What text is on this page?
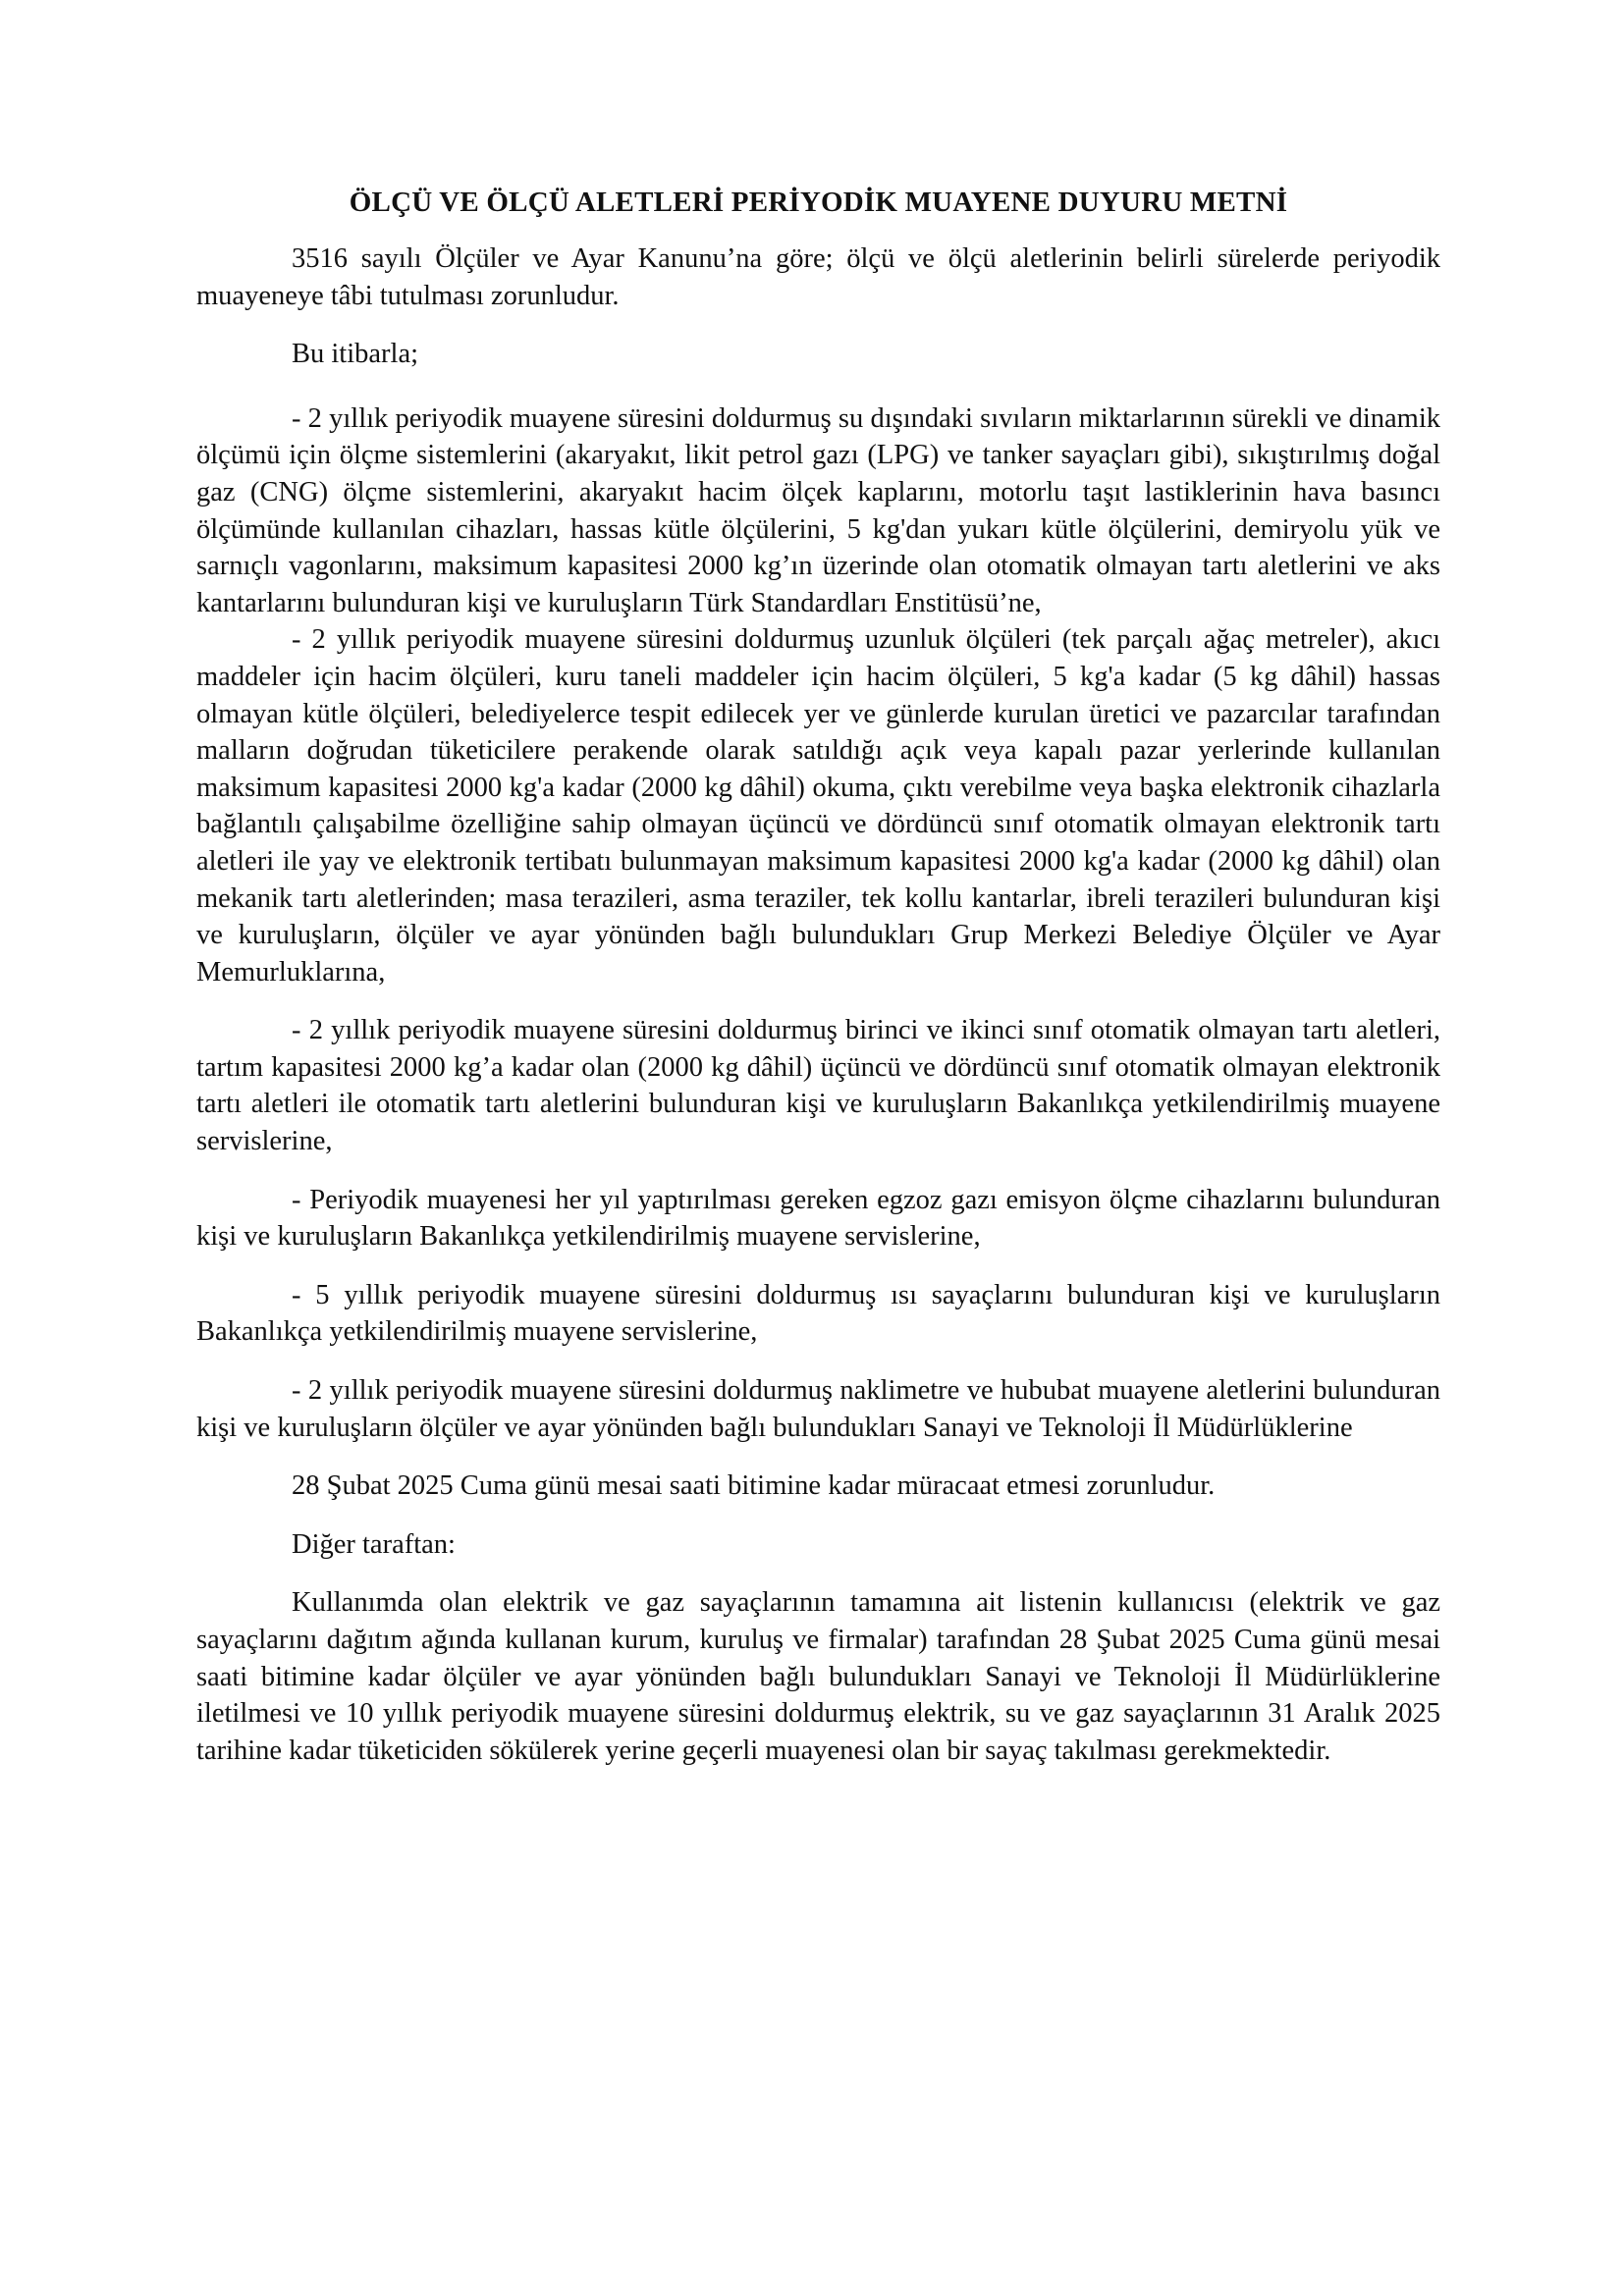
ÖLÇÜ VE ÖLÇÜ ALETLERİ PERİYODİK MUAYENE DUYURU METNİ

3516 sayılı Ölçüler ve Ayar Kanunu’na göre; ölçü ve ölçü aletlerinin belirli sürelerde periyodik muayeneye tâbi tutulması zorunludur.

Bu itibarla;

- 2 yıllık periyodik muayene süresini doldurmuş su dışındaki sıvıların miktarlarının sürekli ve dinamik ölçümü için ölçme sistemlerini (akaryakıt, likit petrol gazı (LPG) ve tanker sayaçları gibi), sıkıştırılmış doğal gaz (CNG) ölçme sistemlerini, akaryakıt hacim ölçek kaplarını, motorlu taşıt lastiklerinin hava basıncı ölçümünde kullanılan cihazları, hassas kütle ölçülerini, 5 kg'dan yukarı kütle ölçülerini, demiryolu yük ve sarnıçlı vagonlarını, maksimum kapasitesi 2000 kg’ın üzerinde olan otomatik olmayan tartı aletlerini ve aks kantarlarını bulunduran kişi ve kuruluşların Türk Standardları Enstitüsü’ne,

- 2 yıllık periyodik muayene süresini doldurmuş uzunluk ölçüleri (tek parçalı ağaç metreler), akıcı maddeler için hacim ölçüleri, kuru taneli maddeler için hacim ölçüleri, 5 kg'a kadar (5 kg dâhil) hassas olmayan kütle ölçüleri, belediyelerce tespit edilecek yer ve günlerde kurulan üretici ve pazarcılar tarafından malların doğrudan tüketicilere perakende olarak satıldığı açık veya kapalı pazar yerlerinde kullanılan maksimum kapasitesi 2000 kg'a kadar (2000 kg dâhil) okuma, çıktı verebilme veya başka elektronik cihazlarla bağlantılı çalışabilme özelliğine sahip olmayan üçüncü ve dördüncü sınıf otomatik olmayan elektronik tartı aletleri ile yay ve elektronik tertibatı bulunmayan maksimum kapasitesi 2000 kg'a kadar (2000 kg dâhil) olan mekanik tartı aletlerinden; masa terazileri, asma teraziler, tek kollu kantarlar, ibreli terazileri bulunduran kişi ve kuruluşların, ölçüler ve ayar yönünden bağlı bulundukları Grup Merkezi Belediye Ölçüler ve Ayar Memurluklarına,

- 2 yıllık periyodik muayene süresini doldurmuş birinci ve ikinci sınıf otomatik olmayan tartı aletleri, tartım kapasitesi 2000 kg’a kadar olan (2000 kg dâhil) üçüncü ve dördüncü sınıf otomatik olmayan elektronik tartı aletleri ile otomatik tartı aletlerini bulunduran kişi ve kuruluşların Bakanlıkça yetkilendirilmiş muayene servislerine,

- Periyodik muayenesi her yıl yaptırılması gereken egzoz gazı emisyon ölçme cihazlarını bulunduran kişi ve kuruluşların Bakanlıkça yetkilendirilmiş muayene servislerine,

- 5 yıllık periyodik muayene süresini doldurmuş ısı sayaçlarını bulunduran kişi ve kuruluşların Bakanlıkça yetkilendirilmiş muayene servislerine,

- 2 yıllık periyodik muayene süresini doldurmuş naklimetre ve hububat muayene aletlerini bulunduran kişi ve kuruluşların ölçüler ve ayar yönünden bağlı bulundukları Sanayi ve Teknoloji İl Müdürlüklerine

28 Şubat 2025 Cuma günü mesai saati bitimine kadar müracaat etmesi zorunludur.

Diğer taraftan:

Kullanımda olan elektrik ve gaz sayaçlarının tamamına ait listenin kullanıcısı (elektrik ve gaz sayaçlarını dağıtım ağında kullanan kurum, kuruluş ve firmalar) tarafından 28 Şubat 2025 Cuma günü mesai saati bitimine kadar ölçüler ve ayar yönünden bağlı bulundukları Sanayi ve Teknoloji İl Müdürlüklerine iletilmesi ve 10 yıllık periyodik muayene süresini doldurmuş elektrik, su ve gaz sayaçlarının 31 Aralık 2025 tarihine kadar tüketiciden sökülerek yerine geçerli muayenesi olan bir sayaç takılması gerekmektedir.
